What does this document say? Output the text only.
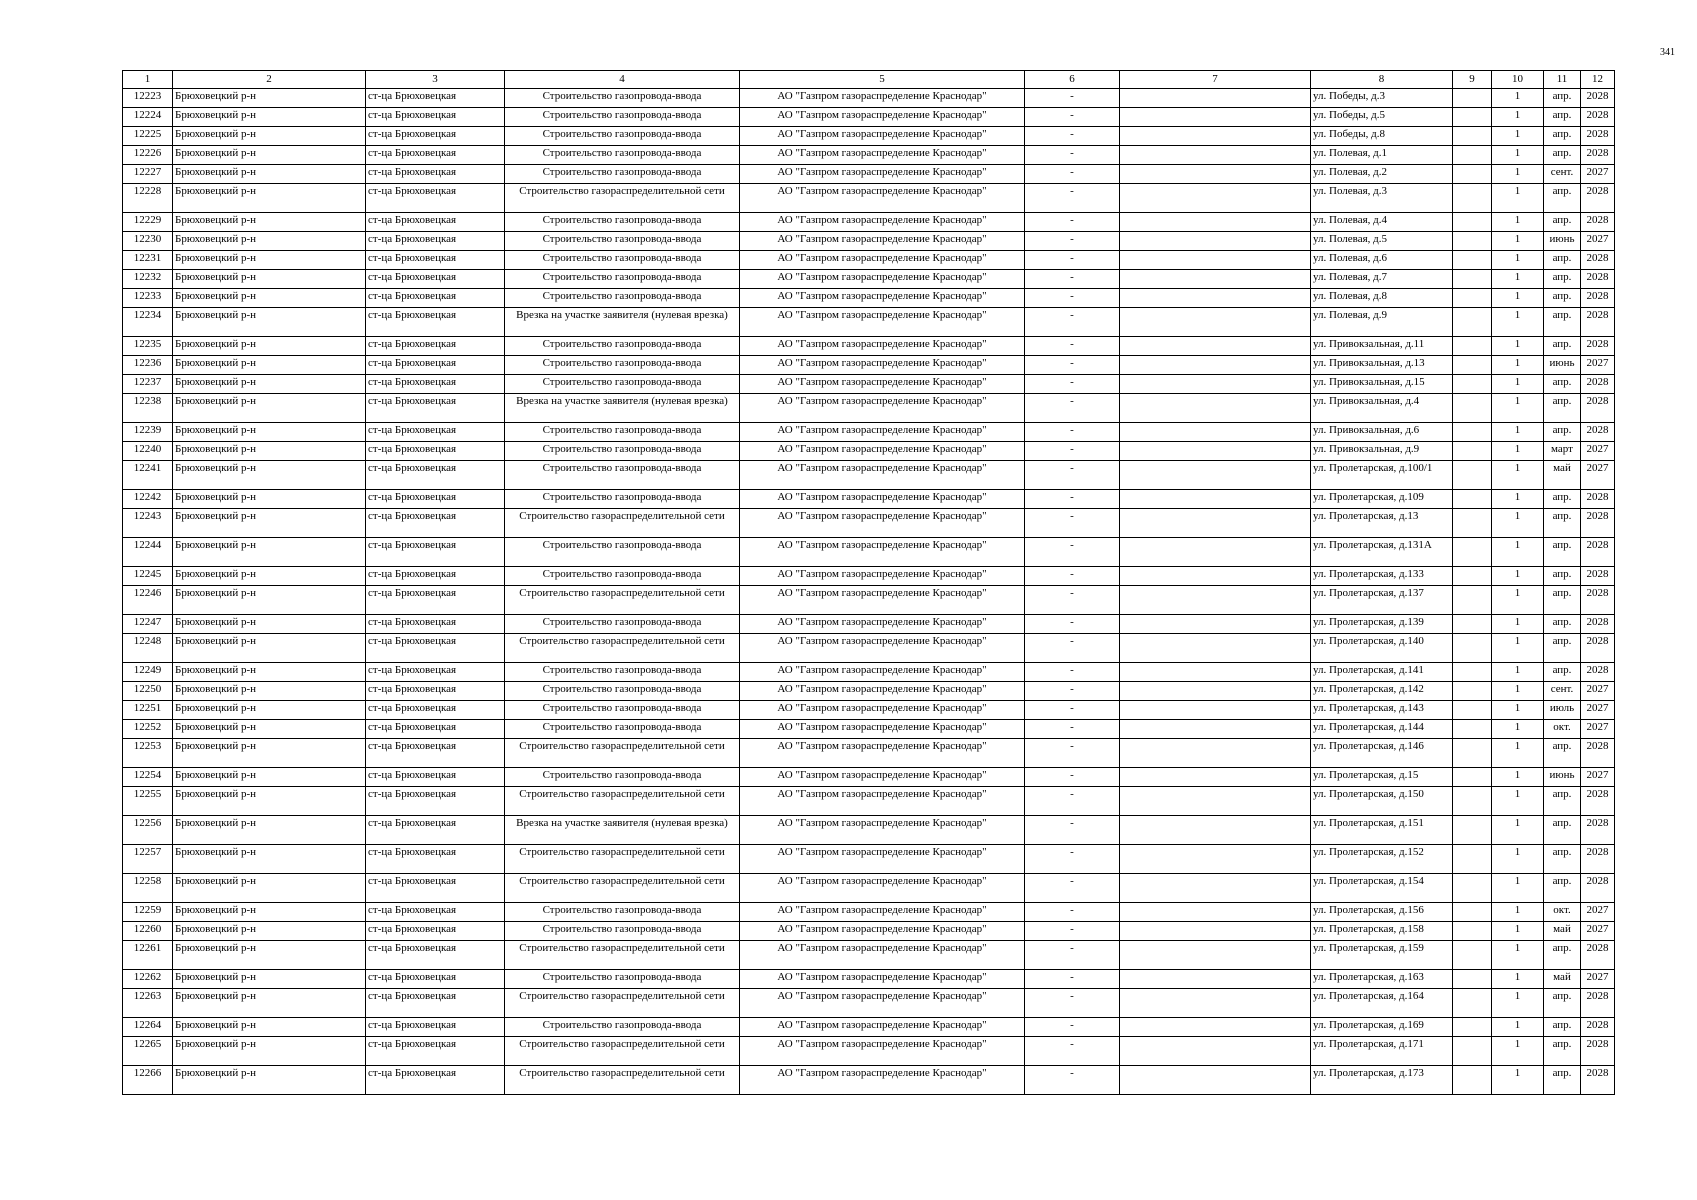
341
1	2	3	4	5	6	7	8	9	10	11	12
12223	Брюховецкий р-н	ст-ца Брюховецкая	Строительство газопровода-ввода	АО "Газпром газораспределение Краснодар"	-		ул. Победы, д.3		1	апр.	2028
12224	Брюховецкий р-н	ст-ца Брюховецкая	Строительство газопровода-ввода	АО "Газпром газораспределение Краснодар"	-		ул. Победы, д.5		1	апр.	2028
12225	Брюховецкий р-н	ст-ца Брюховецкая	Строительство газопровода-ввода	АО "Газпром газораспределение Краснодар"	-		ул. Победы, д.8		1	апр.	2028
12226	Брюховецкий р-н	ст-ца Брюховецкая	Строительство газопровода-ввода	АО "Газпром газораспределение Краснодар"	-		ул. Полевая, д.1		1	апр.	2028
12227	Брюховецкий р-н	ст-ца Брюховецкая	Строительство газопровода-ввода	АО "Газпром газораспределение Краснодар"	-		ул. Полевая, д.2		1	сент.	2027
12228	Брюховецкий р-н	ст-ца Брюховецкая	Строительство газораспределительной сети	АО "Газпром газораспределение Краснодар"	-		ул. Полевая, д.3		1	апр.	2028
12229	Брюховецкий р-н	ст-ца Брюховецкая	Строительство газопровода-ввода	АО "Газпром газораспределение Краснодар"	-		ул. Полевая, д.4		1	апр.	2028
12230	Брюховецкий р-н	ст-ца Брюховецкая	Строительство газопровода-ввода	АО "Газпром газораспределение Краснодар"	-		ул. Полевая, д.5		1	июнь	2027
12231	Брюховецкий р-н	ст-ца Брюховецкая	Строительство газопровода-ввода	АО "Газпром газораспределение Краснодар"	-		ул. Полевая, д.6		1	апр.	2028
12232	Брюховецкий р-н	ст-ца Брюховецкая	Строительство газопровода-ввода	АО "Газпром газораспределение Краснодар"	-		ул. Полевая, д.7		1	апр.	2028
12233	Брюховецкий р-н	ст-ца Брюховецкая	Строительство газопровода-ввода	АО "Газпром газораспределение Краснодар"	-		ул. Полевая, д.8		1	апр.	2028
12234	Брюховецкий р-н	ст-ца Брюховецкая	Врезка на участке заявителя (нулевая врезка)	АО "Газпром газораспределение Краснодар"	-		ул. Полевая, д.9		1	апр.	2028
12235	Брюховецкий р-н	ст-ца Брюховецкая	Строительство газопровода-ввода	АО "Газпром газораспределение Краснодар"	-		ул. Привокзальная, д.11		1	апр.	2028
12236	Брюховецкий р-н	ст-ца Брюховецкая	Строительство газопровода-ввода	АО "Газпром газораспределение Краснодар"	-		ул. Привокзальная, д.13		1	июнь	2027
12237	Брюховецкий р-н	ст-ца Брюховецкая	Строительство газопровода-ввода	АО "Газпром газораспределение Краснодар"	-		ул. Привокзальная, д.15		1	апр.	2028
12238	Брюховецкий р-н	ст-ца Брюховецкая	Врезка на участке заявителя (нулевая врезка)	АО "Газпром газораспределение Краснодар"	-		ул. Привокзальная, д.4		1	апр.	2028
12239	Брюховецкий р-н	ст-ца Брюховецкая	Строительство газопровода-ввода	АО "Газпром газораспределение Краснодар"	-		ул. Привокзальная, д.6		1	апр.	2028
12240	Брюховецкий р-н	ст-ца Брюховецкая	Строительство газопровода-ввода	АО "Газпром газораспределение Краснодар"	-		ул. Привокзальная, д.9		1	март	2027
12241	Брюховецкий р-н	ст-ца Брюховецкая	Строительство газопровода-ввода	АО "Газпром газораспределение Краснодар"	-		ул. Пролетарская, д.100/1		1	май	2027
12242	Брюховецкий р-н	ст-ца Брюховецкая	Строительство газопровода-ввода	АО "Газпром газораспределение Краснодар"	-		ул. Пролетарская, д.109		1	апр.	2028
12243	Брюховецкий р-н	ст-ца Брюховецкая	Строительство газораспределительной сети	АО "Газпром газораспределение Краснодар"	-		ул. Пролетарская, д.13		1	апр.	2028
12244	Брюховецкий р-н	ст-ца Брюховецкая	Строительство газопровода-ввода	АО "Газпром газораспределение Краснодар"	-		ул. Пролетарская, д.131А		1	апр.	2028
12245	Брюховецкий р-н	ст-ца Брюховецкая	Строительство газопровода-ввода	АО "Газпром газораспределение Краснодар"	-		ул. Пролетарская, д.133		1	апр.	2028
12246	Брюховецкий р-н	ст-ца Брюховецкая	Строительство газораспределительной сети	АО "Газпром газораспределение Краснодар"	-		ул. Пролетарская, д.137		1	апр.	2028
12247	Брюховецкий р-н	ст-ца Брюховецкая	Строительство газопровода-ввода	АО "Газпром газораспределение Краснодар"	-		ул. Пролетарская, д.139		1	апр.	2028
12248	Брюховецкий р-н	ст-ца Брюховецкая	Строительство газораспределительной сети	АО "Газпром газораспределение Краснодар"	-		ул. Пролетарская, д.140		1	апр.	2028
12249	Брюховецкий р-н	ст-ца Брюховецкая	Строительство газопровода-ввода	АО "Газпром газораспределение Краснодар"	-		ул. Пролетарская, д.141		1	апр.	2028
12250	Брюховецкий р-н	ст-ца Брюховецкая	Строительство газопровода-ввода	АО "Газпром газораспределение Краснодар"	-		ул. Пролетарская, д.142		1	сент.	2027
12251	Брюховецкий р-н	ст-ца Брюховецкая	Строительство газопровода-ввода	АО "Газпром газораспределение Краснодар"	-		ул. Пролетарская, д.143		1	июль	2027
12252	Брюховецкий р-н	ст-ца Брюховецкая	Строительство газопровода-ввода	АО "Газпром газораспределение Краснодар"	-		ул. Пролетарская, д.144		1	окт.	2027
12253	Брюховецкий р-н	ст-ца Брюховецкая	Строительство газораспределительной сети	АО "Газпром газораспределение Краснодар"	-		ул. Пролетарская, д.146		1	апр.	2028
12254	Брюховецкий р-н	ст-ца Брюховецкая	Строительство газопровода-ввода	АО "Газпром газораспределение Краснодар"	-		ул. Пролетарская, д.15		1	июнь	2027
12255	Брюховецкий р-н	ст-ца Брюховецкая	Строительство газораспределительной сети	АО "Газпром газораспределение Краснодар"	-		ул. Пролетарская, д.150		1	апр.	2028
12256	Брюховецкий р-н	ст-ца Брюховецкая	Врезка на участке заявителя (нулевая врезка)	АО "Газпром газораспределение Краснодар"	-		ул. Пролетарская, д.151		1	апр.	2028
12257	Брюховецкий р-н	ст-ца Брюховецкая	Строительство газораспределительной сети	АО "Газпром газораспределение Краснодар"	-		ул. Пролетарская, д.152		1	апр.	2028
12258	Брюховецкий р-н	ст-ца Брюховецкая	Строительство газораспределительной сети	АО "Газпром газораспределение Краснодар"	-		ул. Пролетарская, д.154		1	апр.	2028
12259	Брюховецкий р-н	ст-ца Брюховецкая	Строительство газопровода-ввода	АО "Газпром газораспределение Краснодар"	-		ул. Пролетарская, д.156		1	окт.	2027
12260	Брюховецкий р-н	ст-ца Брюховецкая	Строительство газопровода-ввода	АО "Газпром газораспределение Краснодар"	-		ул. Пролетарская, д.158		1	май	2027
12261	Брюховецкий р-н	ст-ца Брюховецкая	Строительство газораспределительной сети	АО "Газпром газораспределение Краснодар"	-		ул. Пролетарская, д.159		1	апр.	2028
12262	Брюховецкий р-н	ст-ца Брюховецкая	Строительство газопровода-ввода	АО "Газпром газораспределение Краснодар"	-		ул. Пролетарская, д.163		1	май	2027
12263	Брюховецкий р-н	ст-ца Брюховецкая	Строительство газораспределительной сети	АО "Газпром газораспределение Краснодар"	-		ул. Пролетарская, д.164		1	апр.	2028
12264	Брюховецкий р-н	ст-ца Брюховецкая	Строительство газопровода-ввода	АО "Газпром газораспределение Краснодар"	-		ул. Пролетарская, д.169		1	апр.	2028
12265	Брюховецкий р-н	ст-ца Брюховецкая	Строительство газораспределительной сети	АО "Газпром газораспределение Краснодар"	-		ул. Пролетарская, д.171		1	апр.	2028
12266	Брюховецкий р-н	ст-ца Брюховецкая	Строительство газораспределительной сети	АО "Газпром газораспределение Краснодар"	-		ул. Пролетарская, д.173		1	апр.	2028
